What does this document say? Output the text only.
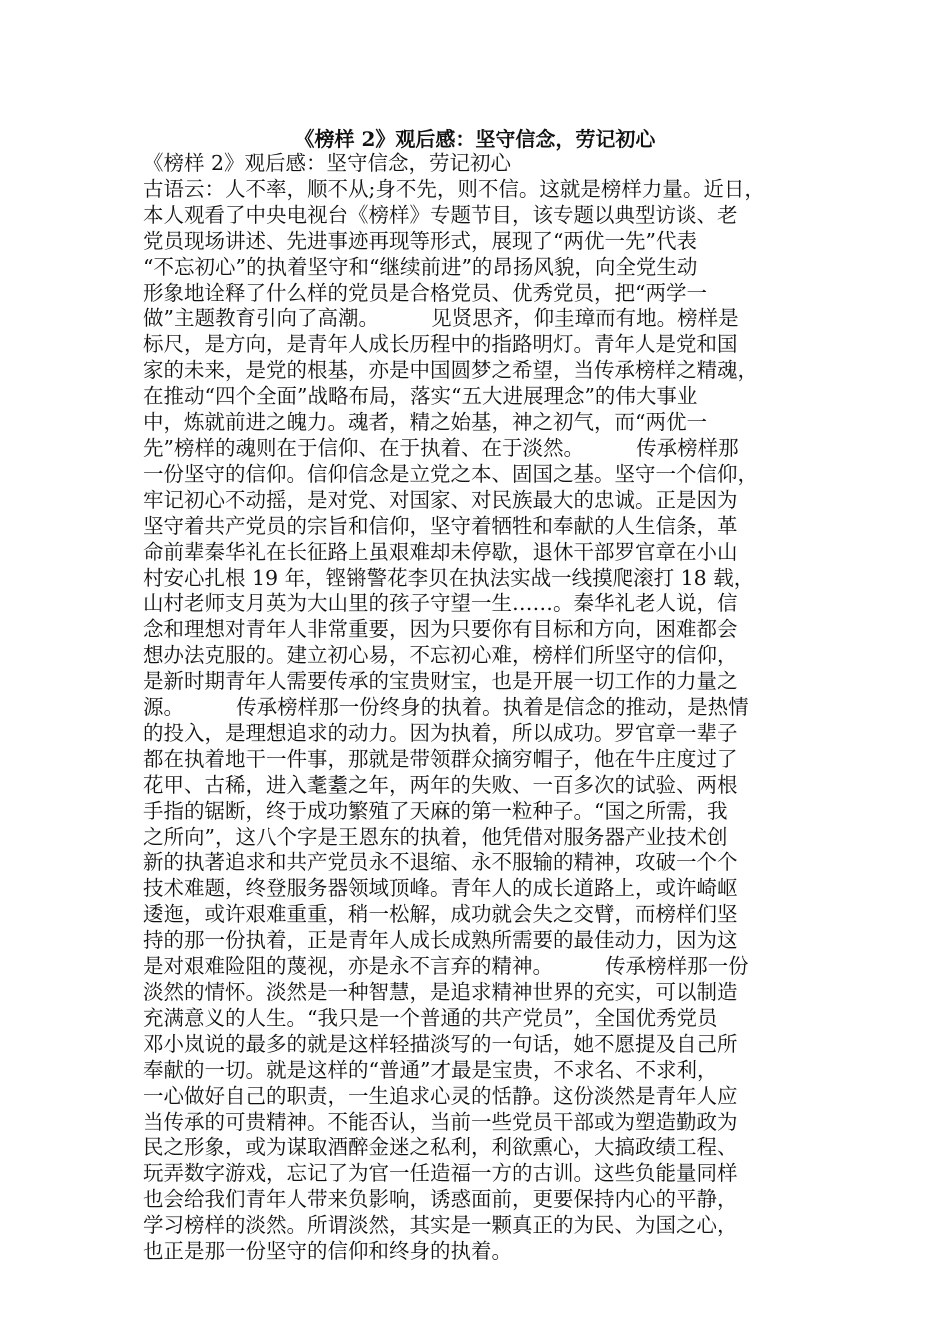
《榜样 2》观后感：坚守信念，劳记初心
《榜样 2》观后感：坚守信念，劳记初心
古语云：人不率，顺不从;身不先，则不信。这就是榜样力量。近日，
本人观看了中央电视台《榜样》专题节目，该专题以典型访谈、老
党员现场讲述、先进事迹再现等形式，展现了“两优一先”代表
“不忘初心”的执着坚守和“继续前进”的昂扬风貌，向全党生动
形象地诠释了什么样的党员是合格党员、优秀党员，把“两学一
做”主题教育引向了高潮。        见贤思齐，仰圭璋而有地。榜样是
标尺，是方向，是青年人成长历程中的指路明灯。青年人是党和国
家的未来，是党的根基，亦是中国圆梦之希望，当传承榜样之精魂，
在推动“四个全面”战略布局，落实“五大进展理念”的伟大事业
中，炼就前进之魄力。魂者，精之始基，神之初气，而“两优一
先”榜样的魂则在于信仰、在于执着、在于淡然。        传承榜样那
一份坚守的信仰。信仰信念是立党之本、固国之基。坚守一个信仰，
牢记初心不动摇，是对党、对国家、对民族最大的忠诚。正是因为
坚守着共产党员的宗旨和信仰，坚守着牺牲和奉献的人生信条，革
命前辈秦华礼在长征路上虽艰难却未停歇，退休干部罗官章在小山
村安心扎根 19 年，铿锵警花李贝在执法实战一线摸爬滚打 18 载，
山村老师支月英为大山里的孩子守望一生……。秦华礼老人说，信
念和理想对青年人非常重要，因为只要你有目标和方向，困难都会
想办法克服的。建立初心易，不忘初心难，榜样们所坚守的信仰，
是新时期青年人需要传承的宝贵财宝，也是开展一切工作的力量之
源。        传承榜样那一份终身的执着。执着是信念的推动，是热情
的投入，是理想追求的动力。因为执着，所以成功。罗官章一辈子
都在执着地干一件事，那就是带领群众摘穷帽子，他在牛庄度过了
花甲、古稀，进入耄耋之年，两年的失败、一百多次的试验、两根
手指的锯断，终于成功繁殖了天麻的第一粒种子。“国之所需，我
之所向”，这八个字是王恩东的执着，他凭借对服务器产业技术创
新的执著追求和共产党员永不退缩、永不服输的精神，攻破一个个
技术难题，终登服务器领域顶峰。青年人的成长道路上，或许崎岖
逶迤，或许艰难重重，稍一松解，成功就会失之交臂，而榜样们坚
持的那一份执着，正是青年人成长成熟所需要的最佳动力，因为这
是对艰难险阻的蔑视，亦是永不言弃的精神。        传承榜样那一份
淡然的情怀。淡然是一种智慧，是追求精神世界的充实，可以制造
充满意义的人生。“我只是一个普通的共产党员”，全国优秀党员
邓小岚说的最多的就是这样轻描淡写的一句话，她不愿提及自己所
奉献的一切。就是这样的“普通”才最是宝贵，不求名、不求利，
一心做好自己的职责，一生追求心灵的恬静。这份淡然是青年人应
当传承的可贵精神。不能否认，当前一些党员干部或为塑造勤政为
民之形象，或为谋取酒醉金迷之私利，利欲熏心，大搞政绩工程、
玩弄数字游戏，忘记了为官一任造福一方的古训。这些负能量同样
也会给我们青年人带来负影响，诱惑面前，更要保持内心的平静，
学习榜样的淡然。所谓淡然，其实是一颗真正的为民、为国之心，
也正是那一份坚守的信仰和终身的执着。
